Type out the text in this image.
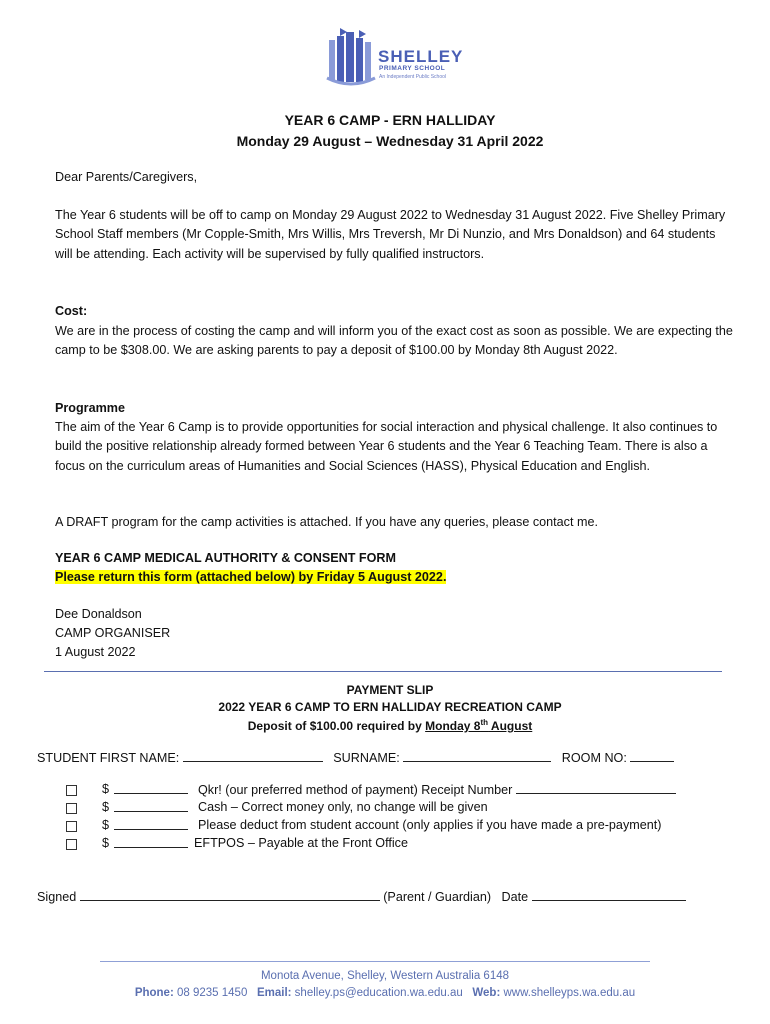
SHELLEY
PRIMARY SCHOOL
An Independent Public School
YEAR 6 CAMP - ERN HALLIDAY
Monday 29 August – Wednesday 31 April 2022
Dear Parents/Caregivers,
The Year 6 students will be off to camp on Monday 29 August 2022 to Wednesday 31 August 2022. Five Shelley Primary School Staff members (Mr Copple-Smith, Mrs Willis, Mrs Treversh, Mr Di Nunzio, and Mrs Donaldson) and 64 students will be attending. Each activity will be supervised by fully qualified instructors.
Cost:
We are in the process of costing the camp and will inform you of the exact cost as soon as possible. We are expecting the camp to be $308.00. We are asking parents to pay a deposit of $100.00 by Monday 8th August 2022.
Programme
The aim of the Year 6 Camp is to provide opportunities for social interaction and physical challenge. It also continues to build the positive relationship already formed between Year 6 students and the Year 6 Teaching Team. There is also a focus on the curriculum areas of Humanities and Social Sciences (HASS), Physical Education and English.
A DRAFT program for the camp activities is attached. If you have any queries, please contact me.
YEAR 6 CAMP MEDICAL AUTHORITY & CONSENT FORM
Please return this form (attached below) by Friday 5 August 2022.
Dee Donaldson
CAMP ORGANISER
1 August 2022
PAYMENT SLIP
2022 YEAR 6 CAMP TO ERN HALLIDAY RECREATION CAMP
Deposit of $100.00 required by Monday 8th August
STUDENT FIRST NAME:	SURNAME:	ROOM NO:
$	Qkr! (our preferred method of payment) Receipt Number
$	Cash – Correct money only, no change will be given
$	Please deduct from student account (only applies if you have made a pre-payment)
$	EFTPOS – Payable at the Front Office
Signed	(Parent / Guardian) Date
Monota Avenue, Shelley, Western Australia 6148
Phone: 08 9235 1450 Email: shelley.ps@education.wa.edu.au Web: www.shelleyps.wa.edu.au
